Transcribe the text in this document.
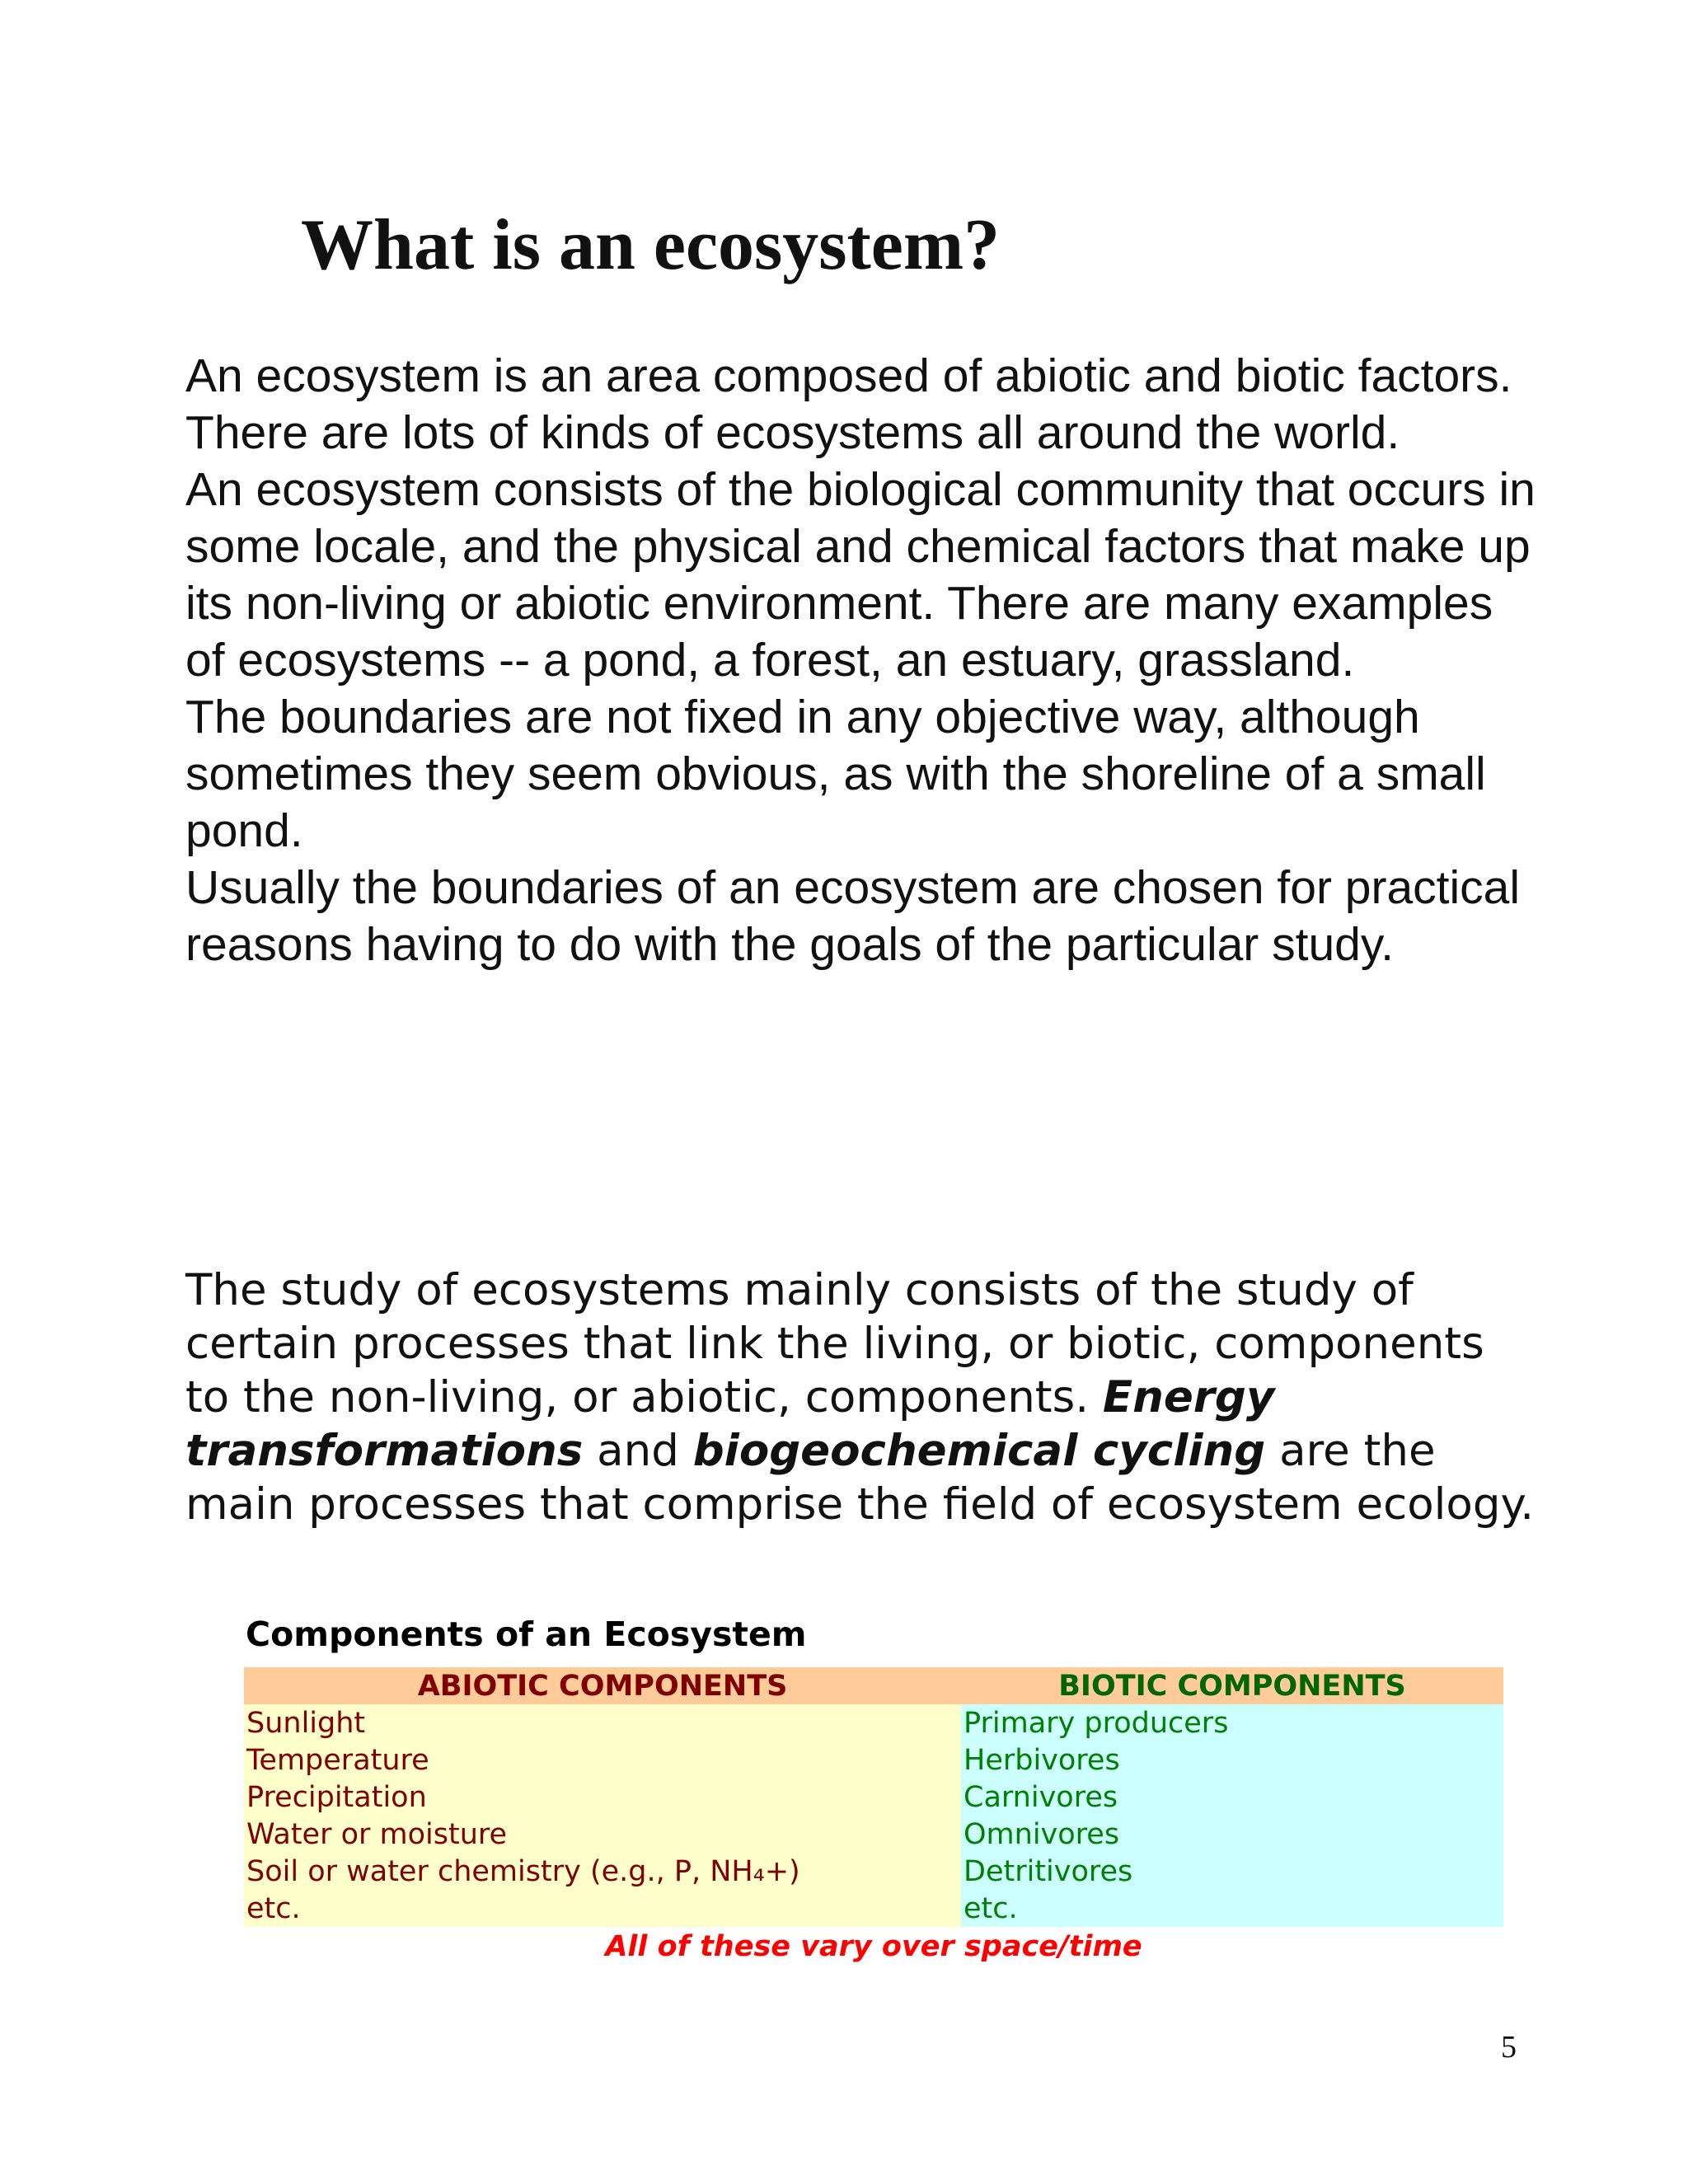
What is an ecosystem?

An ecosystem is an area composed of abiotic and biotic factors. There are lots of kinds of ecosystems all around the world.

An ecosystem consists of the biological community that occurs in some locale, and the physical and chemical factors that make up its non-living or abiotic environment. There are many examples of ecosystems -- a pond, a forest, an estuary, grassland.

The boundaries are not fixed in any objective way, although sometimes they seem obvious, as with the shoreline of a small pond.

Usually the boundaries of an ecosystem are chosen for practical reasons having to do with the goals of the particular study.

The study of ecosystems mainly consists of the study of certain processes that link the living, or biotic, components to the non-living, or abiotic, components. Energy transformations and biogeochemical cycling are the main processes that comprise the field of ecosystem ecology.

Components of an Ecosystem

ABIOTIC COMPONENTS	BIOTIC COMPONENTS
Sunlight	Primary producers
Temperature	Herbivores
Precipitation	Carnivores
Water or moisture	Omnivores
Soil or water chemistry (e.g., P, NH₄+)	Detritivores
etc.	etc.

All of these vary over space/time

5
